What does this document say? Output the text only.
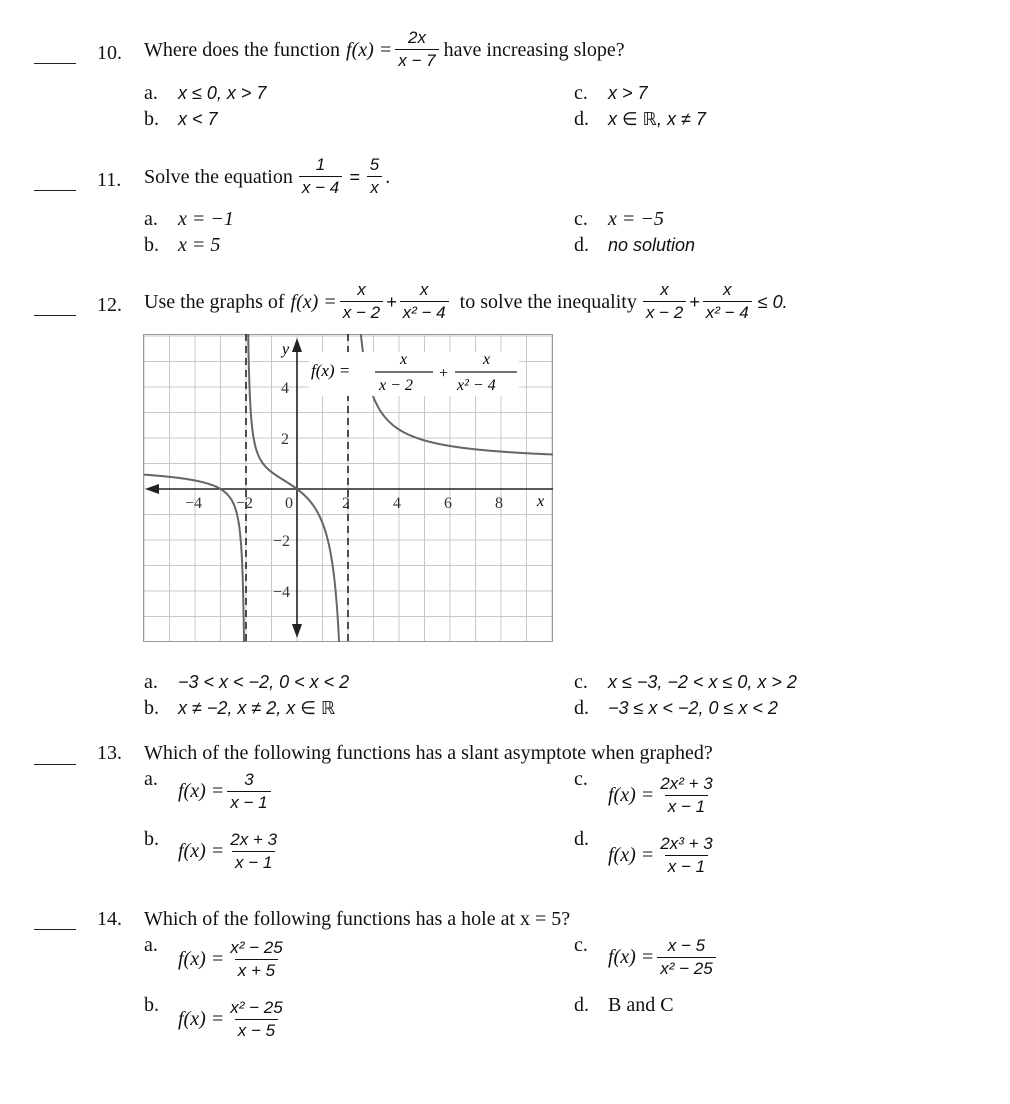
10. Where does the function $f(x) = \frac{2x}{x - 7}$ have increasing slope?
a. x ≤ 0, x > 7
b. x < 7
c. x > 7
d. x ∈ ℝ, x ≠ 7
11. Solve the equation $\frac{1}{x - 4} = \frac{5}{x}$ .
a. x = −1
b. x = 5
c. x = −5
d. no solution
12. Use the graphs of $f(x) = \frac{x}{x - 2} + \frac{x}{\text{x² − 4}}$ to solve the inequality $\frac{x}{x - 2} + \frac{x}{\text{x² − 4}} \le 0$.
−4 −2 0	2	4	6	8
4
2
−2
−4
y
x
f(x) =
x
x − 2
+
x
x² − 4
a. −3 < x < −2, 0 < x < 2
b. x ≠ −2, x ≠ 2, x ∈ ℝ
c. x ≤ −3, −2 < x ≤ 0, x > 2
d. −3 ≤ x < −2, 0 ≤ x < 2
13. Which of the following functions has a slant asymptote when graphed?
a.
$f(x) = \frac{3}{x - 1}$
b.
$f(x) = \frac{2x + 3}{x - 1}$
c.
$f(x) = \frac{\text{2x² + 3}}{x - 1}$
d.
$f(x) = \frac{\text{2x³ + 3}}{x - 1}$
14. Which of the following functions has a hole at x = 5?
a.
$f(x) = \frac{\text{x² − 25}}{x + 5}$
b.
$f(x) = \frac{\text{x² − 25}}{x - 5}$
c.
$f(x) = \frac{x - 5}{\text{x² − 25}}$
d. B and C
